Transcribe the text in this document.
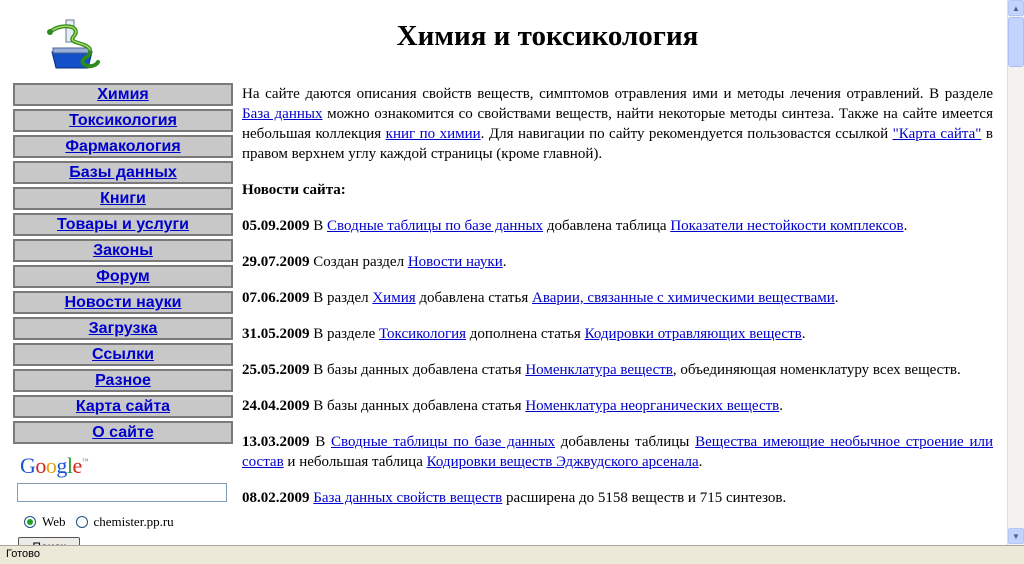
Химия и токсикология
Химия
Токсикология
Фармакология
Базы данных
Книги
Товары и услуги
Законы
Форум
Новости науки
Загрузка
Ссылки
Разное
Карта сайта
О сайте
Google™
Web chemister.pp.ru

На сайте даются описания свойств веществ, симптомов отравления ими и методы лечения отравлений. В разделе База данных можно ознакомится со свойствами веществ, найти некоторые методы синтеза. Также на сайте имеется небольшая коллекция книг по химии. Для навигации по сайту рекомендуется пользовастся ссылкой "Карта сайта" в правом верхнем углу каждой страницы (кроме главной).

Новости сайта:

05.09.2009 В Сводные таблицы по базе данных добавлена таблица Показатели нестойкости комплексов.

29.07.2009 Создан раздел Новости науки.

07.06.2009 В раздел Химия добавлена статья Аварии, связанные с химическими веществами.

31.05.2009 В разделе Токсикология дополнена статья Кодировки отравляющих веществ.

25.05.2009 В базы данных добавлена статья Номенклатура веществ, объединяющая номенклатуру всех веществ.

24.04.2009 В базы данных добавлена статья Номенклатура неорганических веществ.

13.03.2009 В Сводные таблицы по базе данных добавлены таблицы Вещества имеющие необычное строение или состав и небольшая таблица Кодировки веществ Эджвудского арсенала.

08.02.2009 База данных свойств веществ расширена до 5158 веществ и 715 синтезов.

▲
▼
Готово
